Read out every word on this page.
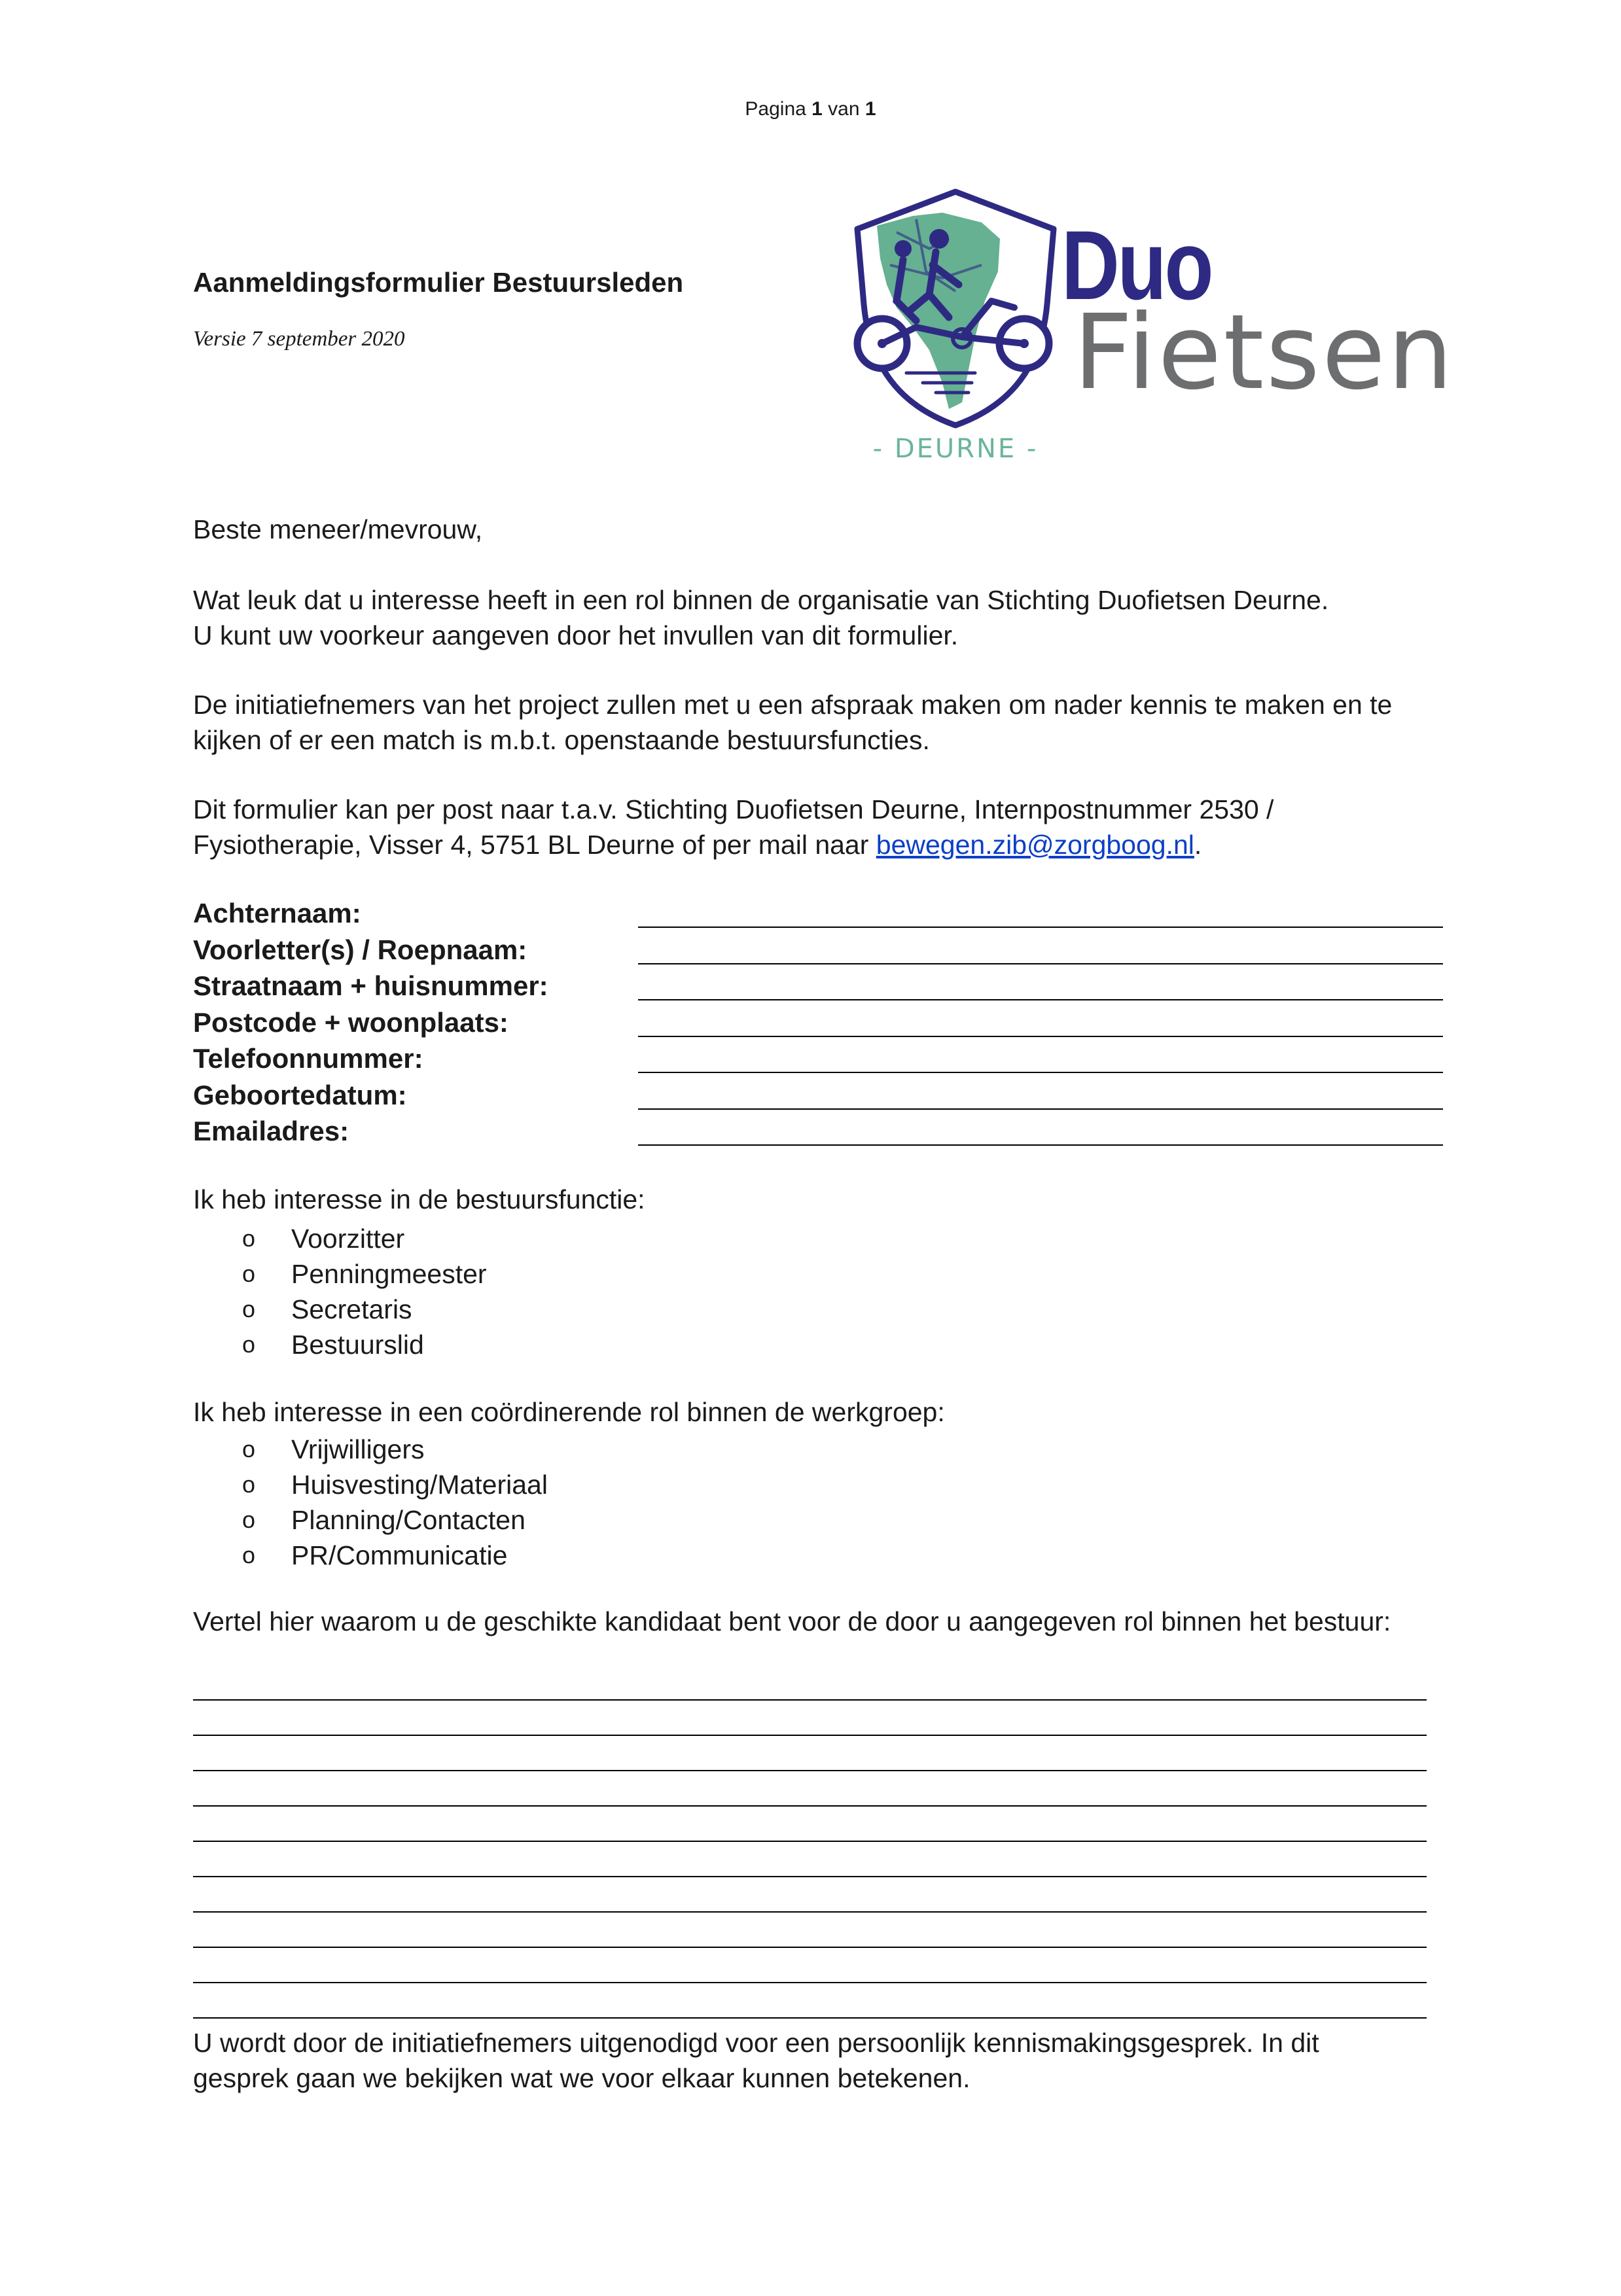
Pagina 1 van 1
Aanmeldingsformulier Bestuursleden
Versie 7 september 2020
Duo
Fietsen
- DEURNE -

Beste meneer/mevrouw,

Wat leuk dat u interesse heeft in een rol binnen de organisatie van Stichting Duofietsen Deurne.

U kunt uw voorkeur aangeven door het invullen van dit formulier.

De initiatiefnemers van het project zullen met u een afspraak maken om nader kennis te maken en te

kijken of er een match is m.b.t. openstaande bestuursfuncties.

Dit formulier kan per post naar t.a.v. Stichting Duofietsen Deurne, Internpostnummer 2530 /

Fysiotherapie, Visser 4, 5751 BL Deurne of per mail naar bewegen.zib@zorgboog.nl.

Achternaam:
Voorletter(s) / Roepnaam:
Straatnaam + huisnummer:
Postcode + woonplaats:
Telefoonnummer:
Geboortedatum:
Emailadres:
Ik heb interesse in de bestuursfunctie:
o Voorzitter
o Penningmeester
o Secretaris
o Bestuurslid
Ik heb interesse in een coördinerende rol binnen de werkgroep:
o Vrijwilligers
o Huisvesting/Materiaal
o Planning/Contacten
o PR/Communicatie
Vertel hier waarom u de geschikte kandidaat bent voor de door u aangegeven rol binnen het bestuur:

U wordt door de initiatiefnemers uitgenodigd voor een persoonlijk kennismakingsgesprek. In dit

gesprek gaan we bekijken wat we voor elkaar kunnen betekenen.
